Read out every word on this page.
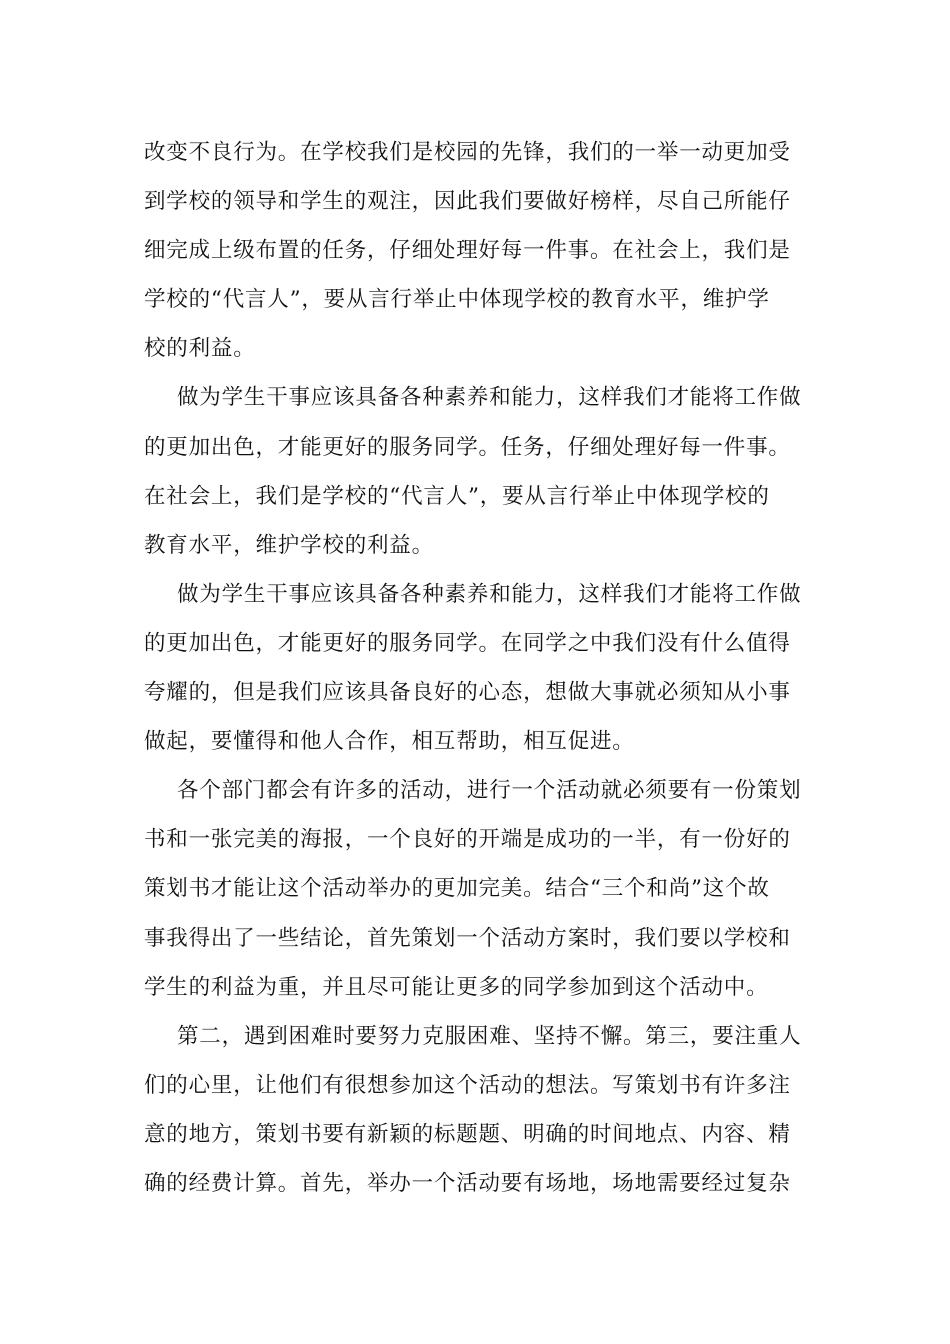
改变不良行为。在学校我们是校园的先锋，我们的一举一动更加受
到学校的领导和学生的观注，因此我们要做好榜样，尽自己所能仔
细完成上级布置的任务，仔细处理好每一件事。在社会上，我们是
学校的“代言人”，要从言行举止中体现学校的教育水平，维护学
校的利益。
做为学生干事应该具备各种素养和能力，这样我们才能将工作做
的更加出色，才能更好的服务同学。任务，仔细处理好每一件事。
在社会上，我们是学校的“代言人”，要从言行举止中体现学校的
教育水平，维护学校的利益。
做为学生干事应该具备各种素养和能力，这样我们才能将工作做
的更加出色，才能更好的服务同学。在同学之中我们没有什么值得
夸耀的，但是我们应该具备良好的心态，想做大事就必须知从小事
做起，要懂得和他人合作，相互帮助，相互促进。
各个部门都会有许多的活动，进行一个活动就必须要有一份策划
书和一张完美的海报，一个良好的开端是成功的一半，有一份好的
策划书才能让这个活动举办的更加完美。结合“三个和尚”这个故
事我得出了一些结论，首先策划一个活动方案时，我们要以学校和
学生的利益为重，并且尽可能让更多的同学参加到这个活动中。
第二，遇到困难时要努力克服困难、坚持不懈。第三，要注重人
们的心里，让他们有很想参加这个活动的想法。写策划书有许多注
意的地方，策划书要有新颖的标题题、明确的时间地点、内容、精
确的经费计算。首先，举办一个活动要有场地，场地需要经过复杂
